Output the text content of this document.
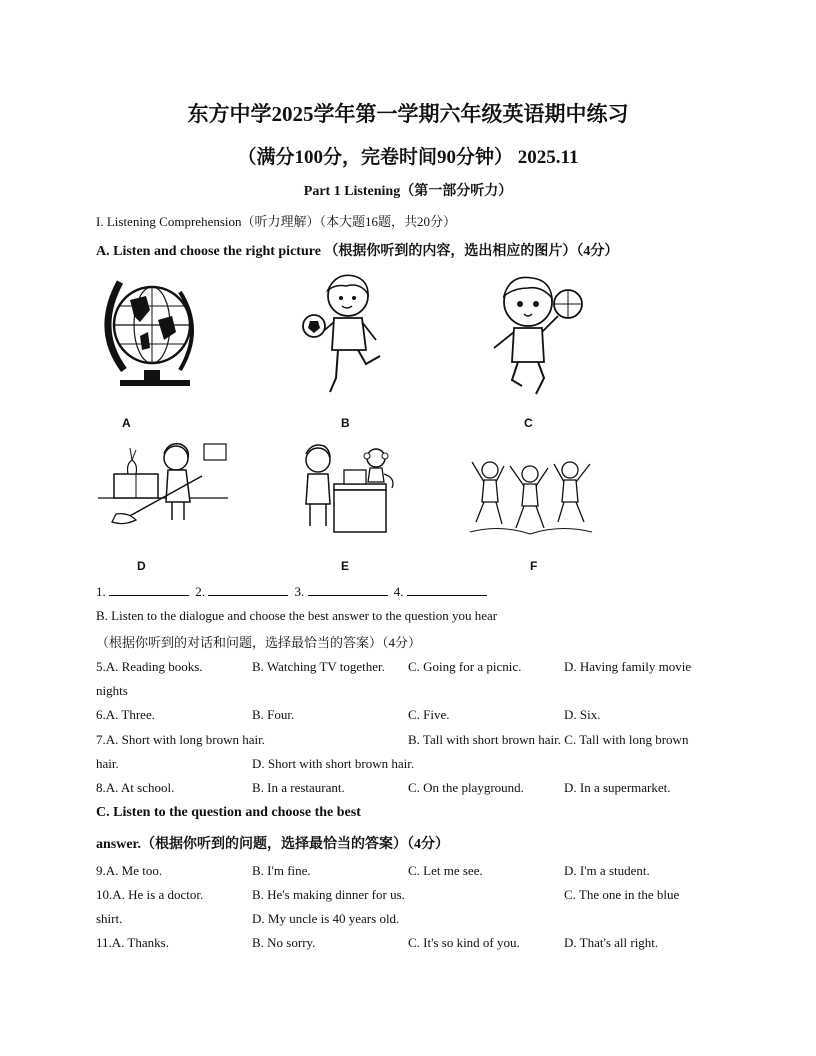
东方中学2025学年第一学期六年级英语期中练习
（满分100分，完卷时间90分钟） 2025.11
Part 1 Listening（第一部分听力）
I. Listening Comprehension（听力理解）（本大题16题，共20分）
A. Listen and choose the right picture （根据你听到的内容，选出相应的图片）（4分）
A	B	C
D	E	F
1.	2.	3.	4.
B. Listen to the dialogue and choose the best answer to the question you hear
（根据你听到的对话和问题，选择最恰当的答案）（4分）
5.A. Reading books.	B. Watching TV together. C. Going for a picnic.	D. Having family movie
nights
6.A. Three.	B. Four.	C. Five.	D. Six.
7.A. Short with long brown hair.	B. Tall with short brown hair. C. Tall with long brown
hair.	D. Short with short brown hair.
8.A. At school.	B. In a restaurant.	C. On the playground.	D. In a supermarket.
C. Listen to the question and choose the best
answer.（根据你听到的问题，选择最恰当的答案）（4分）
9.A. Me too.	B. I'm fine.	C. Let me see.	D. I'm a student.
10.A. He is a doctor.	B. He's making dinner for us.	C. The one in the blue
shirt.	D. My uncle is 40 years old.
11.A. Thanks.	B. No sorry.	C. It's so kind of you.	D. That's all right.
